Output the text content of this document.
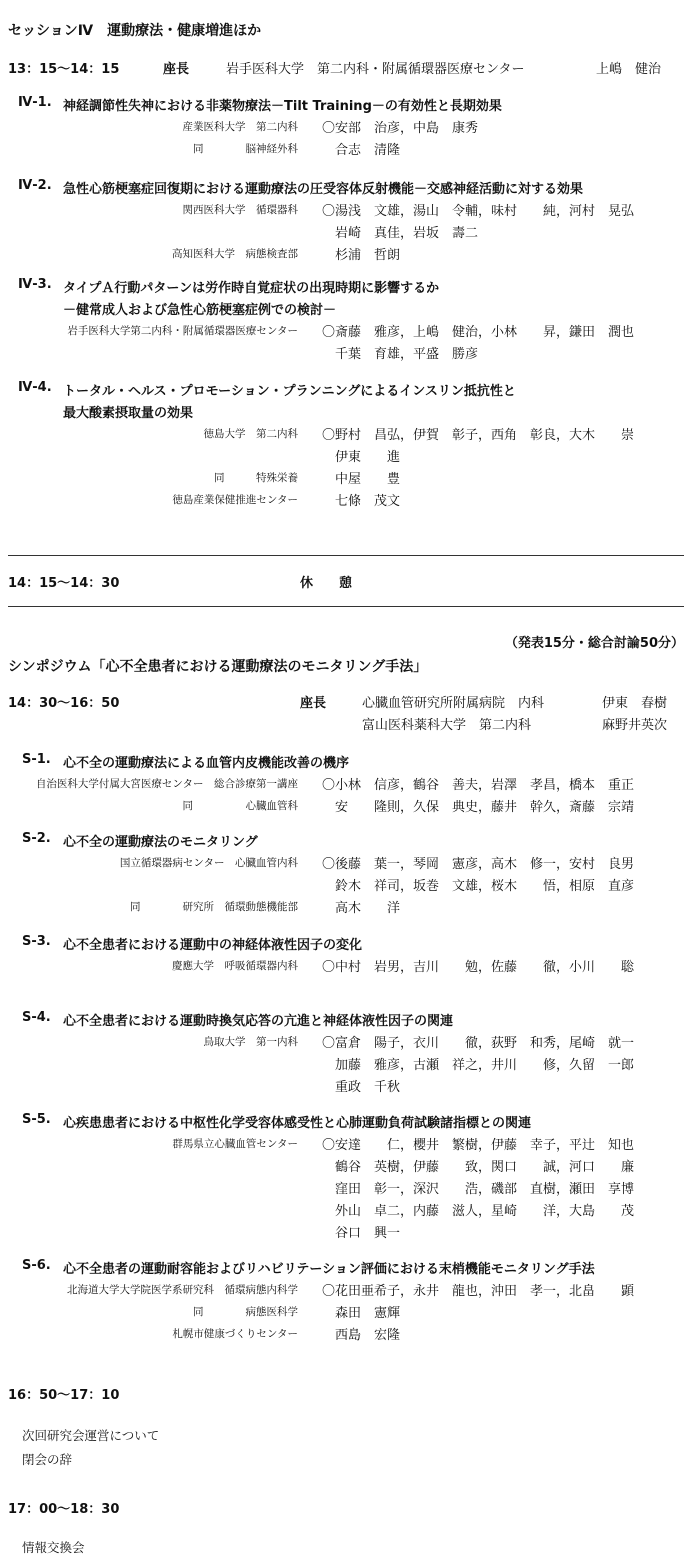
セッションⅣ　運動療法・健康増進ほか
13：15～14：15	座長	岩手医科大学　第二内科・附属循環器医療センター	上嶋　健治
Ⅳ-1. 神経調節性失神における非薬物療法－Tilt Training－の有効性と長期効果
産業医科大学　第二内科 〇安部　治彦，中島　康秀
同　　　　脳神経外科	合志　清隆
Ⅳ-2. 急性心筋梗塞症回復期における運動療法の圧受容体反射機能－交感神経活動に対する効果
関西医科大学　循環器科 〇湯浅　文雄，湯山　令輔，味村　　純，河村　晃弘
岩崎　真佳，岩坂　壽二
高知医科大学　病態検査部	杉浦　哲朗
Ⅳ-3. タイプＡ行動パターンは労作時自覚症状の出現時期に影響するか
－健常成人および急性心筋梗塞症例での検討－
岩手医科大学第二内科・附属循環器医療センター 〇斎藤　雅彦，上嶋　健治，小林　　昇，鎌田　潤也
千葉　育雄，平盛　勝彦
Ⅳ-4. トータル・ヘルス・プロモーション・プランニングによるインスリン抵抗性と
最大酸素摂取量の効果
徳島大学　第二内科 〇野村　昌弘，伊賀　彰子，西角　彰良，大木　　崇
伊東　　進
同　　　特殊栄養	中屋　　豊
徳島産業保健推進センター	七條　茂文
14：15～14：30	休　　憩
（発表15分・総合討論50分）
シンポジウム「心不全患者における運動療法のモニタリング手法」
14：30～16：50	座長	心臓血管研究所附属病院　内科	伊東　春樹
富山医科薬科大学　第二内科	麻野井英次
S-1. 心不全の運動療法による血管内皮機能改善の機序
自治医科大学付属大宮医療センター　総合診療第一講座 〇小林　信彦，鶴谷　善夫，岩澤　孝昌，橋本　重正
同　　　　　心臓血管科	安　　隆則，久保　典史，藤井　幹久，斎藤　宗靖
S-2. 心不全の運動療法のモニタリング
国立循環器病センター　心臓血管内科 〇後藤　葉一，琴岡　憲彦，高木　修一，安村　良男
鈴木　祥司，坂巻　文雄，桜木　　悟，相原　直彦
同　　　　研究所　循環動態機能部	高木　　洋
S-3. 心不全患者における運動中の神経体液性因子の変化
慶應大学　呼吸循環器内科 〇中村　岩男，吉川　　勉，佐藤　　徹，小川　　聡
S-4. 心不全患者における運動時換気応答の亢進と神経体液性因子の関連
鳥取大学　第一内科 〇富倉　陽子，衣川　　徹，荻野　和秀，尾崎　就一
加藤　雅彦，古瀬　祥之，井川　　修，久留　一郎
重政　千秋
S-5. 心疾患患者における中枢性化学受容体感受性と心肺運動負荷試験諸指標との関連
群馬県立心臓血管センター 〇安達　　仁，櫻井　繁樹，伊藤　幸子，平辻　知也
鶴谷　英樹，伊藤　　致，関口　　誠，河口　　廉
窪田　彰一，深沢　　浩，磯部　直樹，瀬田　享博
外山　卓二，内藤　滋人，星崎　　洋，大島　　茂
谷口　興一
S-6. 心不全患者の運動耐容能およびリハビリテーション評価における末梢機能モニタリング手法
北海道大学大学院医学系研究科　循環病態内科学 〇花田亜希子，永井　龍也，沖田　孝一，北畠　　顕
同　　　　病態医科学	森田　憲輝
札幌市健康づくりセンター	西島　宏隆
16：50～17：10
次回研究会運営について
閉会の辞
17：00～18：30
情報交換会
